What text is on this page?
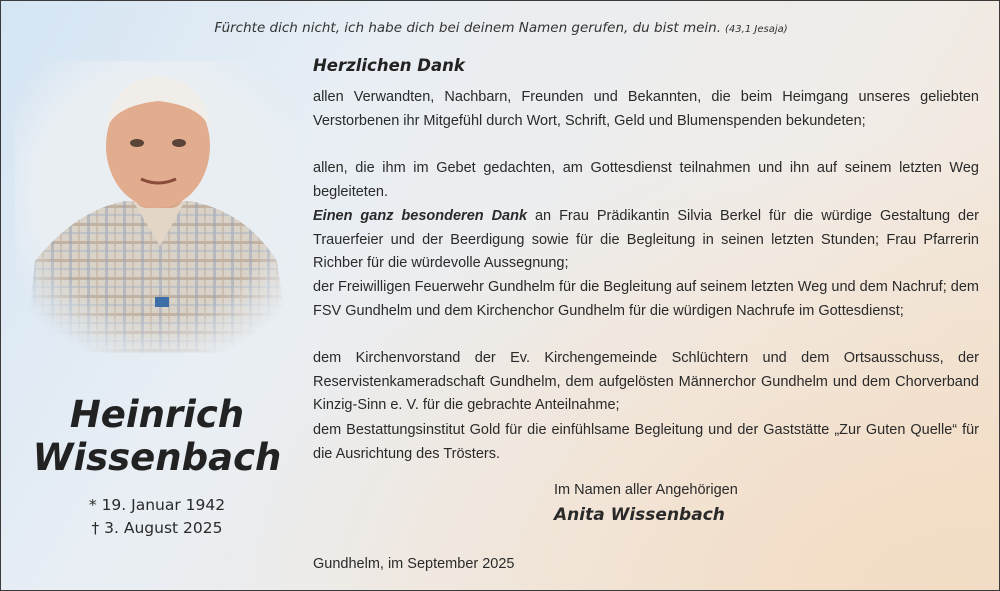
Fürchte dich nicht, ich habe dich bei deinem Namen gerufen, du bist mein. (43,1 Jesaja)
Heinrich
Wissenbach
* 19. Januar 1942
† 3. August 2025
Herzlichen Dank

allen Verwandten, Nachbarn, Freunden und Bekannten, die beim Heimgang unseres geliebten Verstorbenen ihr Mitgefühl durch Wort, Schrift, Geld und Blumenspenden bekundeten;

allen, die ihm im Gebet gedachten, am Gottesdienst teilnahmen und ihn auf seinem letzten Weg begleiteten.

Einen ganz besonderen Dank an Frau Prädikantin Silvia Berkel für die würdige Gestaltung der Trauerfeier und der Beerdigung sowie für die Begleitung in seinen letzten Stunden; Frau Pfarrerin Richber für die würdevolle Aussegnung;

der Freiwilligen Feuerwehr Gundhelm für die Begleitung auf seinem letzten Weg und dem Nachruf; dem FSV Gundhelm und dem Kirchenchor Gundhelm für die würdigen Nachrufe im Gottesdienst;

dem Kirchenvorstand der Ev. Kirchengemeinde Schlüchtern und dem Ortsausschuss, der Reservistenkameradschaft Gundhelm, dem aufgelösten Männerchor Gundhelm und dem Chorverband Kinzig-Sinn e. V. für die gebrachte Anteilnahme;

dem Bestattungsinstitut Gold für die einfühlsame Begleitung und der Gaststätte „Zur Guten Quelle“ für die Ausrichtung des Trösters.

Im Namen aller Angehörigen
Anita Wissenbach
Gundhelm, im September 2025
